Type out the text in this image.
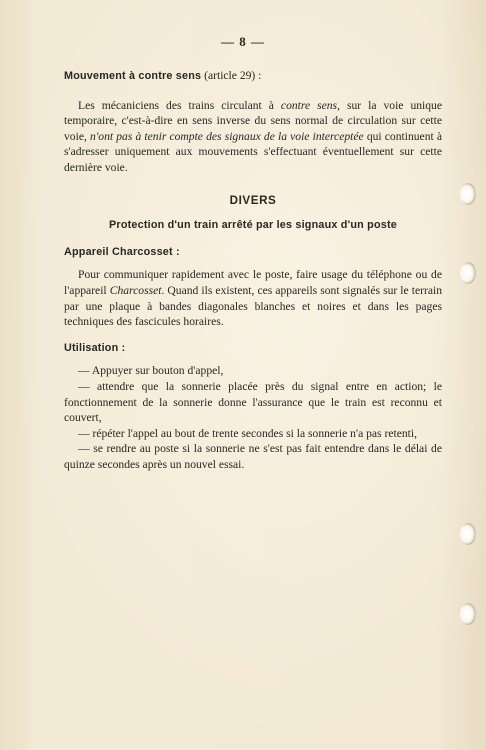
— 8 —

Mouvement à contre sens (article 29) :

Les mécaniciens des trains circulant à contre sens, sur la voie unique temporaire, c'est-à-dire en sens inverse du sens normal de circulation sur cette voie, n'ont pas à tenir compte des signaux de la voie interceptée qui continuent à s'adresser uniquement aux mouvements s'effectuant éventuellement sur cette dernière voie.

DIVERS
Protection d'un train arrêté par les signaux d'un poste

Appareil Charcosset :

Pour communiquer rapidement avec le poste, faire usage du téléphone ou de l'appareil Charcosset. Quand ils existent, ces appareils sont signalés sur le terrain par une plaque à bandes diagonales blanches et noires et dans les pages techniques des fascicules horaires.

Utilisation :

— Appuyer sur bouton d'appel,

— attendre que la sonnerie placée près du signal entre en action; le fonctionnement de la sonnerie donne l'assurance que le train est reconnu et couvert,

— répéter l'appel au bout de trente secondes si la sonnerie n'a pas retenti,

— se rendre au poste si la sonnerie ne s'est pas fait entendre dans le délai de quinze secondes après un nouvel essai.
